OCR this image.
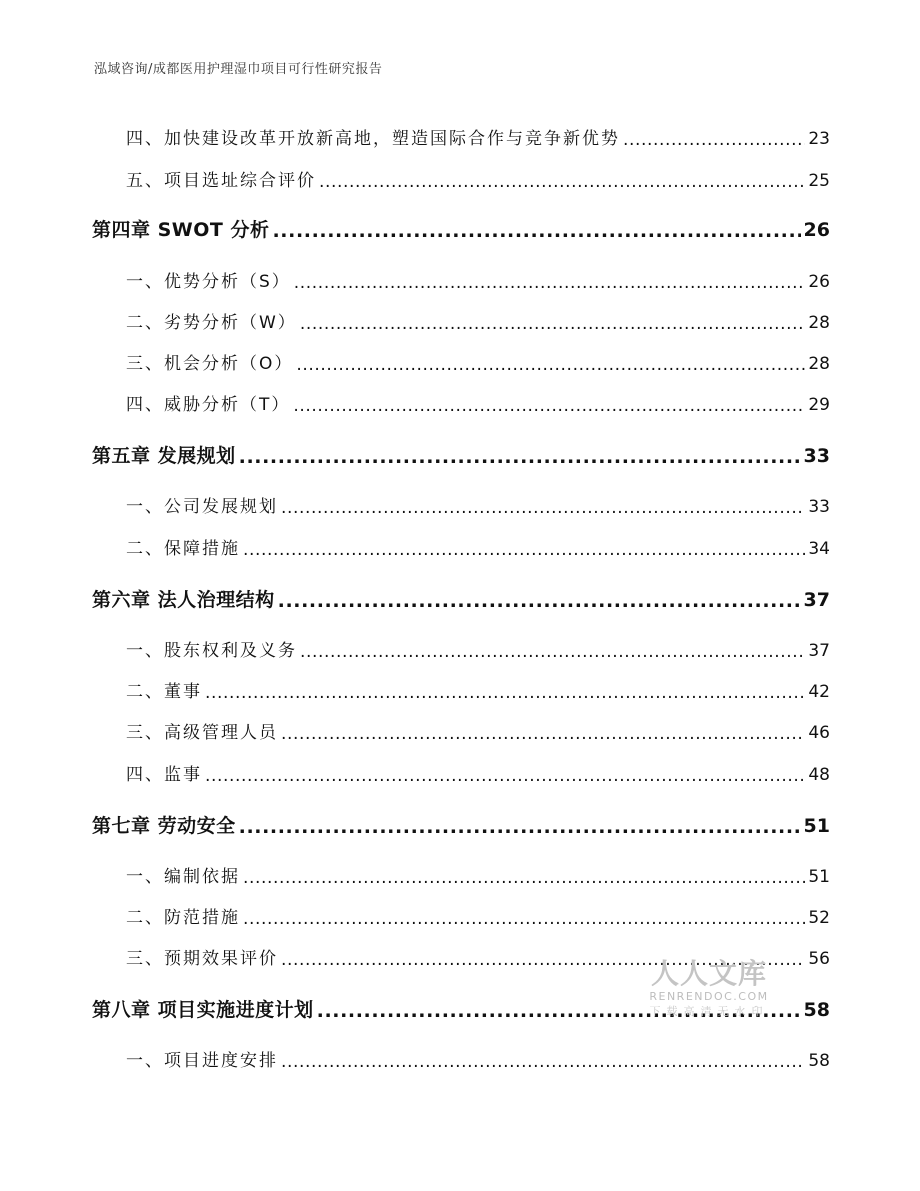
泓域咨询/成都医用护理湿巾项目可行性研究报告
四、 加快建设改革开放新高地，塑造国际合作与竞争新优势 .....	23
五、 项目选址综合评价 .....	25
第四章 SWOT 分析 .....	26
一、 优势分析（S） .....	26
二、 劣势分析（W） .....	28
三、 机会分析（O） .....	28
四、 威胁分析（T） .....	29
第五章 发展规划 .....	33
一、 公司发展规划 .....	33
二、 保障措施 .....	34
第六章 法人治理结构 .....	37
一、 股东权利及义务 .....	37
二、 董事 .....	42
三、 高级管理人员 .....	46
四、 监事 .....	48
第七章 劳动安全 .....	51
一、 编制依据 .....	51
二、 防范措施 .....	52
三、 预期效果评价 .....	56
第八章 项目实施进度计划 .....	58
一、 项目进度安排 .....	58
人人文库
RENRENDOC.COM
下载高清无水印
